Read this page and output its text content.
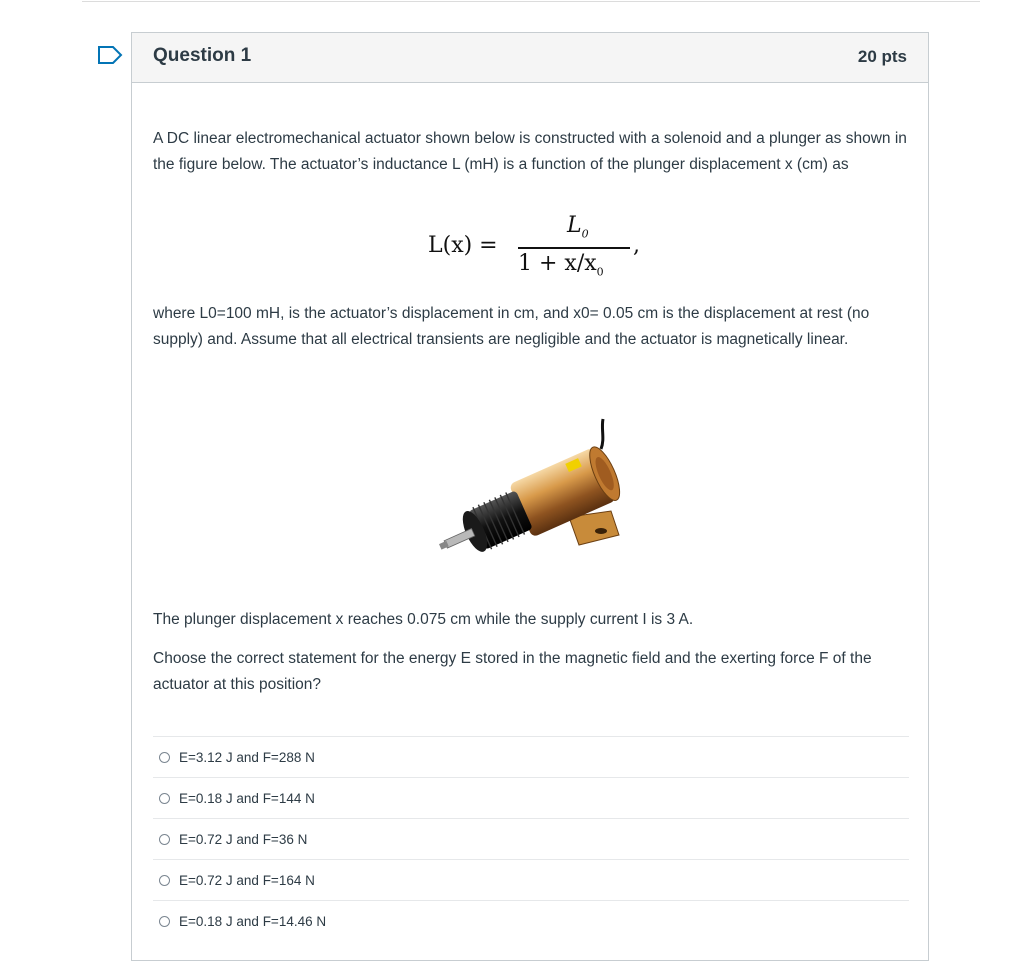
Question 1	20 pts
A DC linear electromechanical actuator shown below is constructed with a solenoid and a plunger as shown in the figure below. The actuator’s inductance L (mH) is a function of the plunger displacement x (cm) as
L(x) =
$L_0$
$1 + x/x_0$
,
where L0=100 mH, is the actuator’s displacement in cm, and x0= 0.05 cm is the displacement at rest (no supply) and. Assume that all electrical transients are negligible and the actuator is magnetically linear.
The plunger displacement x reaches 0.075 cm while the supply current I is 3 A.
Choose the correct statement for the energy E stored in the magnetic field and the exerting force F of the actuator at this position?
E=3.12 J and F=288 N
E=0.18 J and F=144 N
E=0.72 J and F=36 N
E=0.72 J and F=164 N
E=0.18 J and F=14.46 N
